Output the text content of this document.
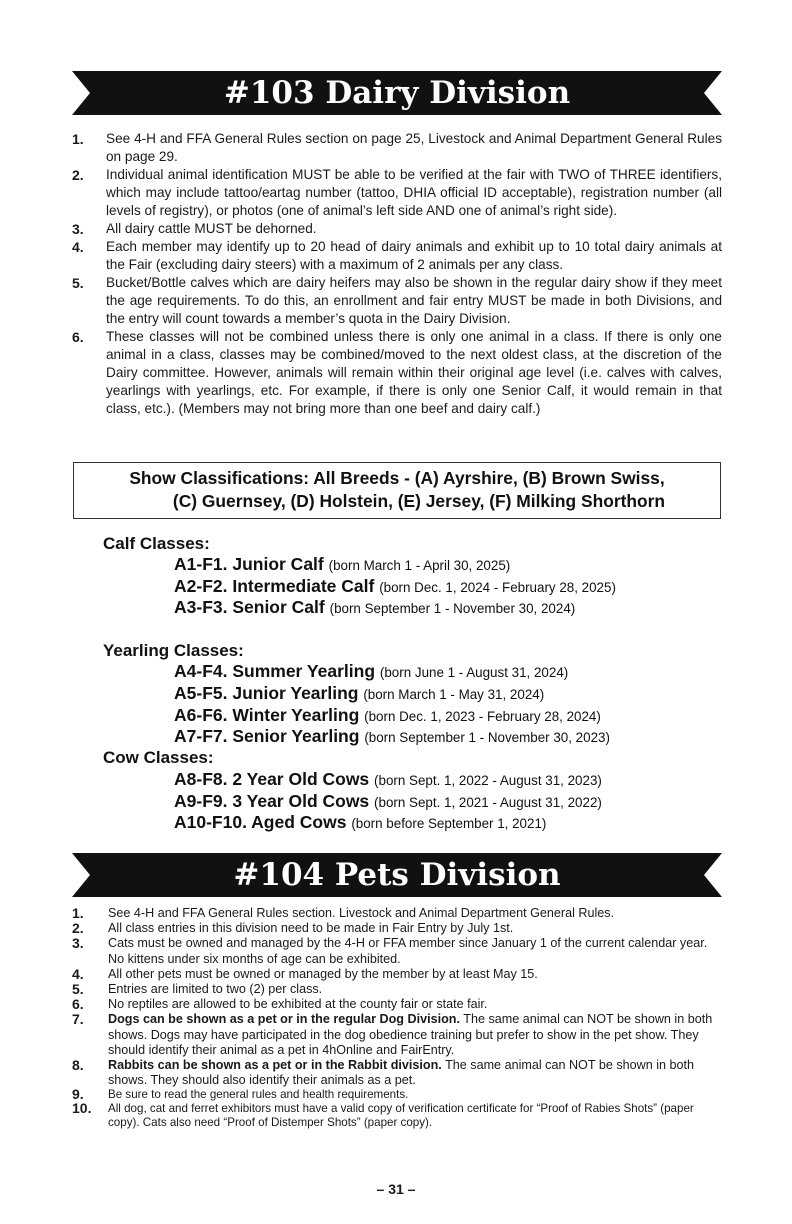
#103 Dairy Division
1. See 4-H and FFA General Rules section on page 25, Livestock and Animal Department General Rules on page 29.
2. Individual animal identification MUST be able to be verified at the fair with TWO of THREE identifiers, which may include tattoo/eartag number (tattoo, DHIA official ID acceptable), registration number (all levels of registry), or photos (one of animal’s left side AND one of animal’s right side).
3. All dairy cattle MUST be dehorned.
4. Each member may identify up to 20 head of dairy animals and exhibit up to 10 total dairy animals at the Fair (excluding dairy steers) with a maximum of 2 animals per any class.
5. Bucket/Bottle calves which are dairy heifers may also be shown in the regular dairy show if they meet the age requirements. To do this, an enrollment and fair entry MUST be made in both Divisions, and the entry will count towards a member’s quota in the Dairy Division.
6. These classes will not be combined unless there is only one animal in a class. If there is only one animal in a class, classes may be combined/moved to the next oldest class, at the discretion of the Dairy committee. However, animals will remain within their original age level (i.e. calves with calves, yearlings with yearlings, etc. For example, if there is only one Senior Calf, it would remain in that class, etc.). (Members may not bring more than one beef and dairy calf.)
Show Classifications: All Breeds - (A) Ayrshire, (B) Brown Swiss,
(C) Guernsey, (D) Holstein, (E) Jersey, (F) Milking Shorthorn
Calf Classes:
A1-F1. Junior Calf (born March 1 - April 30, 2025)
A2-F2. Intermediate Calf (born Dec. 1, 2024 - February 28, 2025)
A3-F3. Senior Calf (born September 1 - November 30, 2024)
Yearling Classes:
A4-F4. Summer Yearling (born June 1 - August 31, 2024)
A5-F5. Junior Yearling (born March 1 - May 31, 2024)
A6-F6. Winter Yearling (born Dec. 1, 2023 - February 28, 2024)
A7-F7. Senior Yearling (born September 1 - November 30, 2023)
Cow Classes:
A8-F8. 2 Year Old Cows (born Sept. 1, 2022 - August 31, 2023)
A9-F9. 3 Year Old Cows (born Sept. 1, 2021 - August 31, 2022)
A10-F10. Aged Cows (born before September 1, 2021)
#104 Pets Division
1. See 4-H and FFA General Rules section. Livestock and Animal Department General Rules.
2. All class entries in this division need to be made in Fair Entry by July 1st.
3. Cats must be owned and managed by the 4-H or FFA member since January 1 of the current calendar year. No kittens under six months of age can be exhibited.
4. All other pets must be owned or managed by the member by at least May 15.
5. Entries are limited to two (2) per class.
6. No reptiles are allowed to be exhibited at the county fair or state fair.
7. Dogs can be shown as a pet or in the regular Dog Division. The same animal can NOT be shown in both shows. Dogs may have participated in the dog obedience training but prefer to show in the pet show. They should identify their animal as a pet in 4hOnline and FairEntry.
8. Rabbits can be shown as a pet or in the Rabbit division. The same animal can NOT be shown in both shows. They should also identify their animals as a pet.
9. Be sure to read the general rules and health requirements.
10. All dog, cat and ferret exhibitors must have a valid copy of verification certificate for “Proof of Rabies Shots” (paper copy). Cats also need “Proof of Distemper Shots” (paper copy).
– 31 –
